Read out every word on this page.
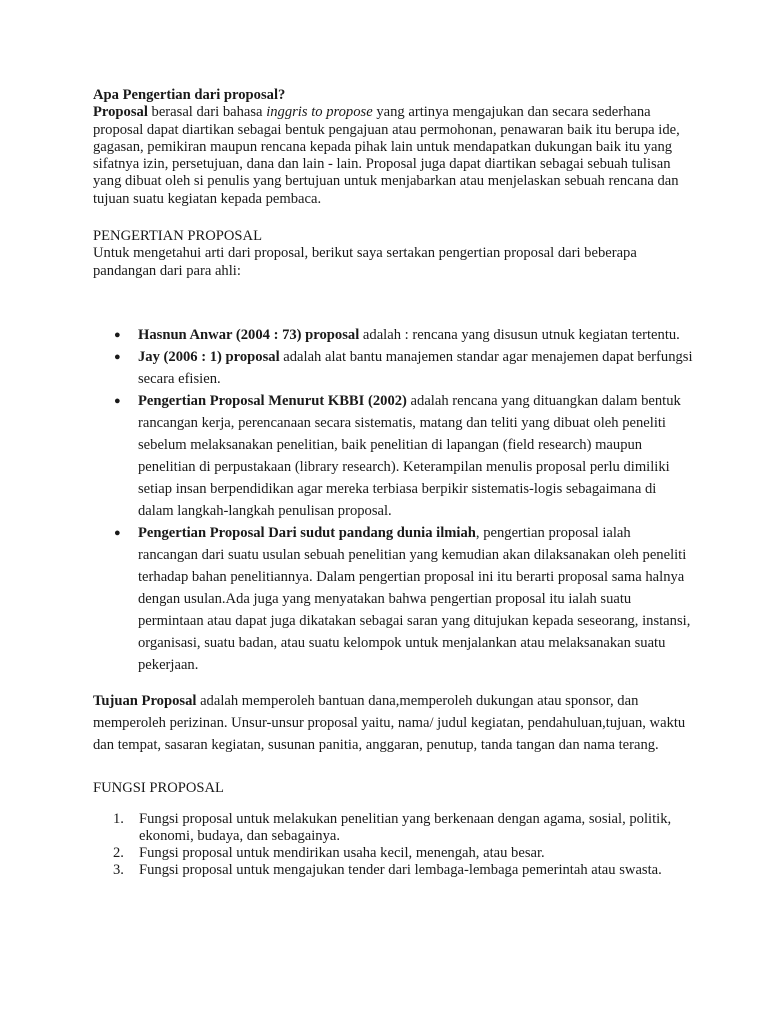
Apa Pengertian dari proposal?

Proposal berasal dari bahasa inggris to propose yang artinya mengajukan dan secara sederhana proposal dapat diartikan sebagai bentuk pengajuan atau permohonan, penawaran baik itu berupa ide, gagasan, pemikiran maupun rencana kepada pihak lain untuk mendapatkan dukungan baik itu yang sifatnya izin, persetujuan, dana dan lain - lain. Proposal juga dapat diartikan sebagai sebuah tulisan yang dibuat oleh si penulis yang bertujuan untuk menjabarkan atau menjelaskan sebuah rencana dan tujuan suatu kegiatan kepada pembaca.

PENGERTIAN PROPOSAL

Untuk mengetahui arti dari proposal, berikut saya sertakan pengertian proposal dari beberapa pandangan dari para ahli:

● Hasnun Anwar (2004 : 73) proposal adalah : rencana yang disusun utnuk kegiatan tertentu.
● Jay (2006 : 1) proposal adalah alat bantu manajemen standar agar menajemen dapat berfungsi secara efisien.
● Pengertian Proposal Menurut KBBI (2002) adalah rencana yang dituangkan dalam bentuk rancangan kerja, perencanaan secara sistematis, matang dan teliti yang dibuat oleh peneliti sebelum melaksanakan penelitian, baik penelitian di lapangan (field research) maupun penelitian di perpustakaan (library research). Keterampilan menulis proposal perlu dimiliki setiap insan berpendidikan agar mereka terbiasa berpikir sistematis-logis sebagaimana di dalam langkah-langkah penulisan proposal.
● Pengertian Proposal Dari sudut pandang dunia ilmiah, pengertian proposal ialah rancangan dari suatu usulan sebuah penelitian yang kemudian akan dilaksanakan oleh peneliti terhadap bahan penelitiannya. Dalam pengertian proposal ini itu berarti proposal sama halnya dengan usulan.Ada juga yang menyatakan bahwa pengertian proposal itu ialah suatu permintaan atau dapat juga dikatakan sebagai saran yang ditujukan kepada seseorang, instansi, organisasi, suatu badan, atau suatu kelompok untuk menjalankan atau melaksanakan suatu pekerjaan.

Tujuan Proposal adalah memperoleh bantuan dana,memperoleh dukungan atau sponsor, dan memperoleh perizinan. Unsur-unsur proposal yaitu, nama/ judul kegiatan, pendahuluan,tujuan, waktu dan tempat, sasaran kegiatan, susunan panitia, anggaran, penutup, tanda tangan dan nama terang.

FUNGSI PROPOSAL

1. Fungsi proposal untuk melakukan penelitian yang berkenaan dengan agama, sosial, politik, ekonomi, budaya, dan sebagainya.
2. Fungsi proposal untuk mendirikan usaha kecil, menengah, atau besar.
3. Fungsi proposal untuk mengajukan tender dari lembaga-lembaga pemerintah atau swasta.
